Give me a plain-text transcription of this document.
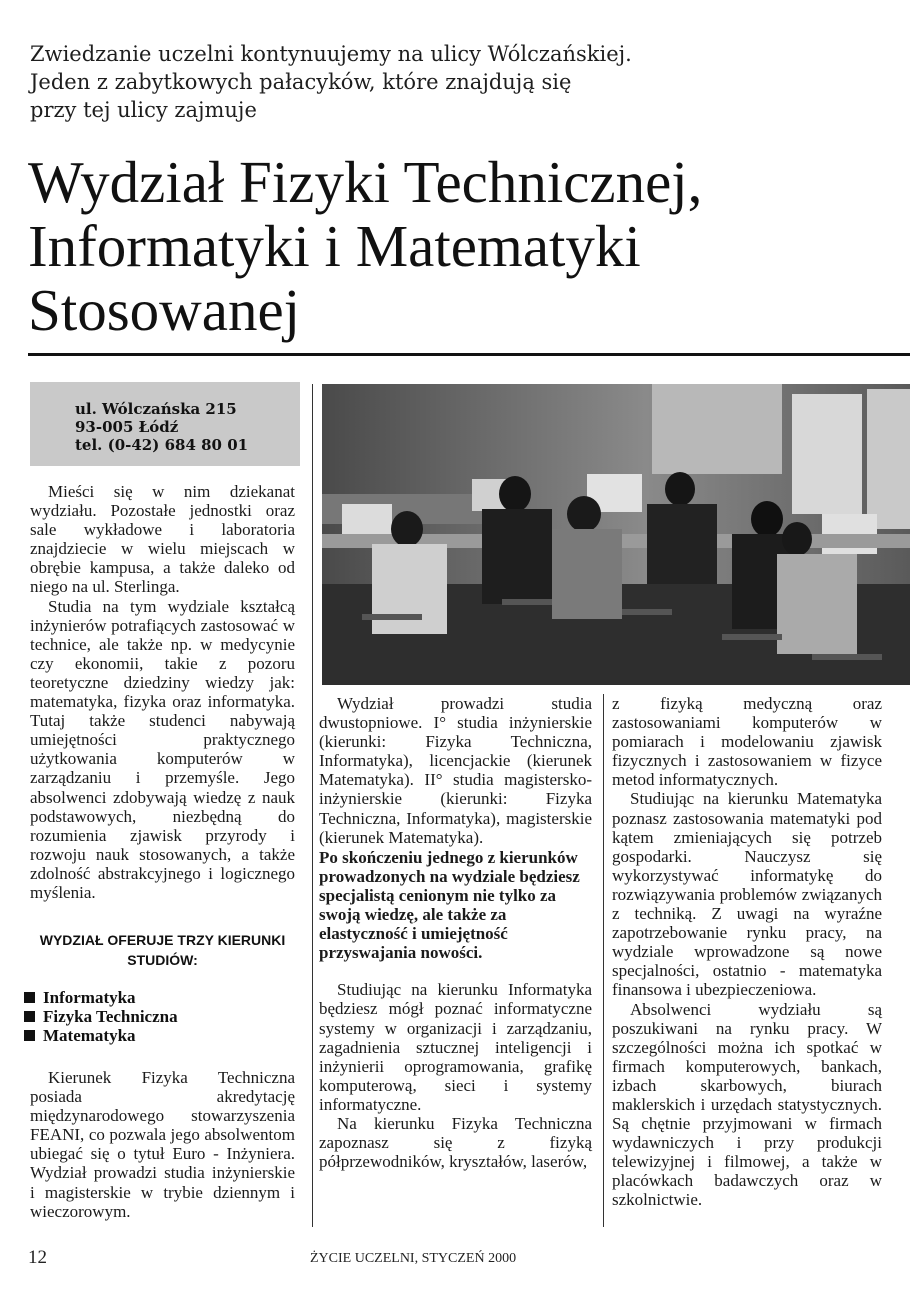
Zwiedzanie uczelni kontynuujemy na ulicy Wólczańskiej.
Jeden z zabytkowych pałacyków, które znajdują się
przy tej ulicy zajmuje
Wydział Fizyki Technicznej,
Informatyki i Matematyki
Stosowanej
ul. Wólczańska 215
93-005 Łódź
tel. (0-42) 684 80 01

Mieści się w nim dziekanat wydziału. Pozostałe jednostki oraz sale wykładowe i laboratoria znajdziecie w wielu miejscach w obrębie kampusa, a także daleko od niego na ul. Sterlinga.

Studia na tym wydziale kształcą inżynierów potrafiących zastosować w technice, ale także np. w medycynie czy ekonomii, takie z pozoru teoretyczne dziedziny wiedzy jak: matematyka, fizyka oraz informatyka. Tutaj także studenci nabywają umiejętności praktycznego użytkowania komputerów w zarządzaniu i przemyśle. Jego absolwenci zdobywają wiedzę z nauk podstawowych, niezbędną do rozumienia zjawisk przyrody i rozwoju nauk stosowanych, a także zdolność abstrakcyjnego i logicznego myślenia.

WYDZIAŁ OFERUJE TRZY KIERUNKI
STUDIÓW:
Informatyka
Fizyka Techniczna
Matematyka

Kierunek Fizyka Techniczna posiada akredytację międzynarodowego stowarzyszenia FEANI, co pozwala jego absolwentom ubiegać się o tytuł Euro - Inżyniera. Wydział prowadzi studia inżynierskie i magisterskie w trybie dziennym i wieczorowym.

Wydział prowadzi studia dwustopniowe. I° studia inżynierskie (kierunki: Fizyka Techniczna, Informatyka), licencjackie (kierunek Matematyka). II° studia magistersko-inżynierskie (kierunki: Fizyka Techniczna, Informatyka), magisterskie (kierunek Matematyka).

Po skończeniu jednego z kierunków prowadzonych na wydziale będziesz specjalistą cenionym nie tylko za swoją wiedzę, ale także za elastyczność i umiejętność przyswajania nowości.

Studiując na kierunku Informatyka będziesz mógł poznać informatyczne systemy w organizacji i zarządzaniu, zagadnienia sztucznej inteligencji i inżynierii oprogramowania, grafikę komputerową, sieci i systemy informatyczne.

Na kierunku Fizyka Technicznа zapoznasz się z fizyką półprzewodników, kryształów, laserów,

z fizyką medyczną oraz zastosowaniami komputerów w pomiarach i modelowaniu zjawisk fizycznych i zastosowaniem w fizyce metod informatycznych.

Studiując na kierunku Matematyka poznasz zastosowania matematyki pod kątem zmieniających się potrzeb gospodarki. Nauczysz się wykorzystywać informatykę do rozwiązywania problemów związanych z techniką. Z uwagi na wyraźne zapotrzebowanie rynku pracy, na wydziale wprowadzone są nowe specjalności, ostatnio - matematyka finansowa i ubezpieczeniowa.

Absolwenci wydziału są poszukiwani na rynku pracy. W szczególności można ich spotkać w firmach komputerowych, bankach, izbach skarbowych, biurach maklerskich i urzędach statystycznych. Są chętnie przyjmowani w firmach wydawniczych i przy produkcji telewizyjnej i filmowej, a także w placówkach badawczych oraz w szkolnictwie.

12	ŻYCIE UCZELNI, STYCZEŃ 2000
